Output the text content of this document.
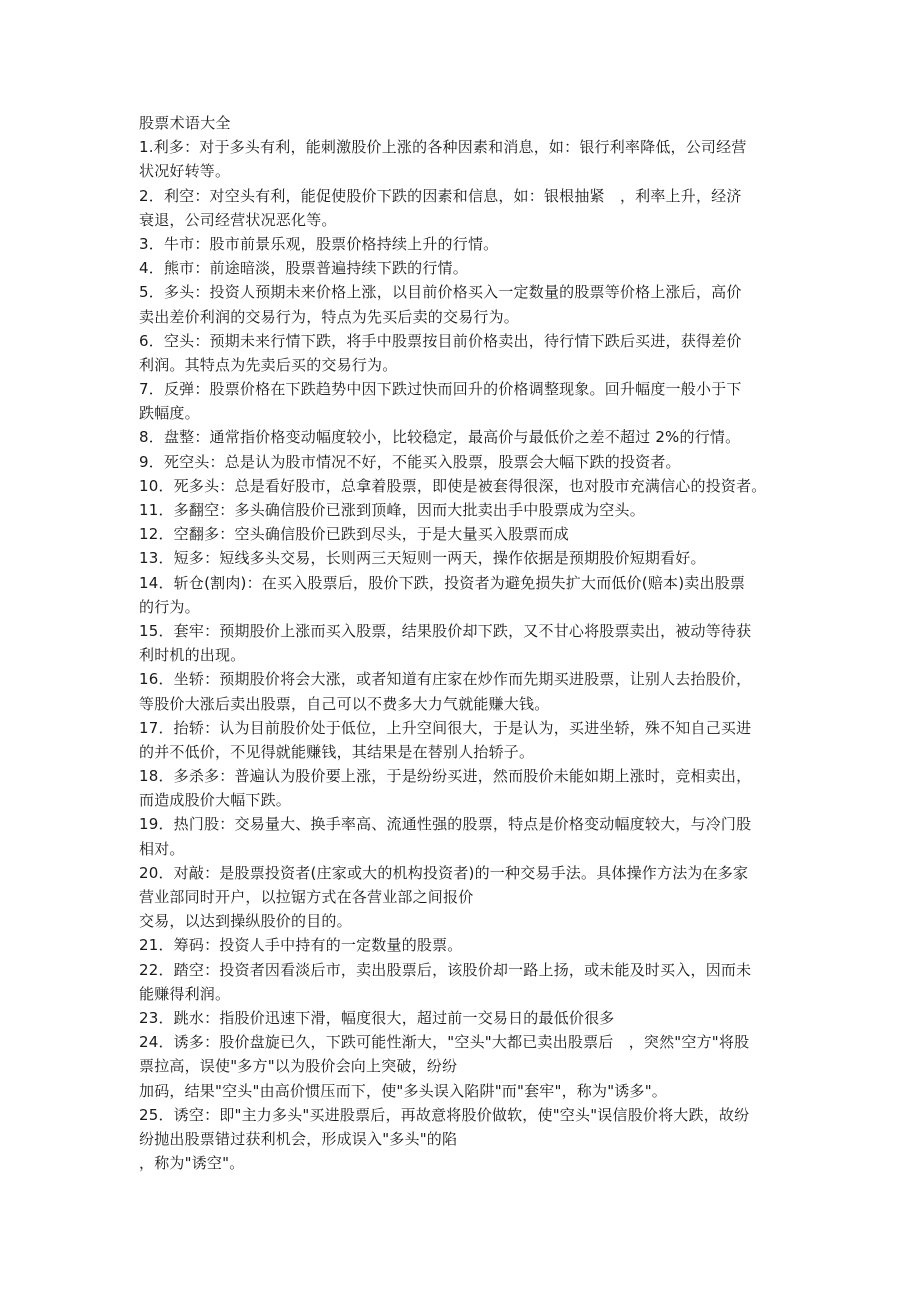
股票术语大全
1.利多：对于多头有利，能刺激股价上涨的各种因素和消息，如：银行利率降低，公司经营
状况好转等。
2．利空：对空头有利，能促使股价下跌的因素和信息，如：银根抽紧　，利率上升，经济
衰退，公司经营状况恶化等。
3．牛市：股市前景乐观，股票价格持续上升的行情。
4．熊市：前途暗淡，股票普遍持续下跌的行情。
5．多头：投资人预期未来价格上涨，以目前价格买入一定数量的股票等价格上涨后，高价
卖出差价利润的交易行为，特点为先买后卖的交易行为。
6．空头：预期未来行情下跌，将手中股票按目前价格卖出，待行情下跌后买进，获得差价
利润。其特点为先卖后买的交易行为。
7．反弹：股票价格在下跌趋势中因下跌过快而回升的价格调整现象。回升幅度一般小于下
跌幅度。
8．盘整：通常指价格变动幅度较小，比较稳定，最高价与最低价之差不超过 2%的行情。
9．死空头：总是认为股市情况不好，不能买入股票，股票会大幅下跌的投资者。
10．死多头：总是看好股市，总拿着股票，即使是被套得很深，也对股市充满信心的投资者。
11．多翻空：多头确信股价已涨到顶峰，因而大批卖出手中股票成为空头。
12．空翻多：空头确信股价已跌到尽头，于是大量买入股票而成
13．短多：短线多头交易，长则两三天短则一两天，操作依据是预期股价短期看好。
14．斩仓(割肉)：在买入股票后，股价下跌，投资者为避免损失扩大而低价(赔本)卖出股票
的行为。
15．套牢：预期股价上涨而买入股票，结果股价却下跌，又不甘心将股票卖出，被动等待获
利时机的出现。
16．坐轿：预期股价将会大涨，或者知道有庄家在炒作而先期买进股票，让别人去抬股价，
等股价大涨后卖出股票，自己可以不费多大力气就能赚大钱。
17．抬轿：认为目前股价处于低位，上升空间很大，于是认为，买进坐轿，殊不知自己买进
的并不低价，不见得就能赚钱，其结果是在替别人抬轿子。
18．多杀多：普遍认为股价要上涨，于是纷纷买进，然而股价未能如期上涨时，竞相卖出，
而造成股价大幅下跌。
19．热门股：交易量大、换手率高、流通性强的股票，特点是价格变动幅度较大，与冷门股
相对。
20．对敲：是股票投资者(庄家或大的机构投资者)的一种交易手法。具体操作方法为在多家
营业部同时开户，以拉锯方式在各营业部之间报价
交易，以达到操纵股价的目的。
21．筹码：投资人手中持有的一定数量的股票。
22．踏空：投资者因看淡后市，卖出股票后，该股价却一路上扬，或未能及时买入，因而未
能赚得利润。
23．跳水：指股价迅速下滑，幅度很大，超过前一交易日的最低价很多
24．诱多：股价盘旋已久，下跌可能性渐大，"空头"大都已卖出股票后　，突然"空方"将股
票拉高，误使"多方"以为股价会向上突破，纷纷
加码，结果"空头"由高价惯压而下，使"多头误入陷阱"而"套牢"，称为"诱多"。
25．诱空：即"主力多头"买进股票后，再故意将股价做软，使"空头"误信股价将大跌，故纷
纷抛出股票错过获利机会，形成误入"多头"的陷
，称为"诱空"。
